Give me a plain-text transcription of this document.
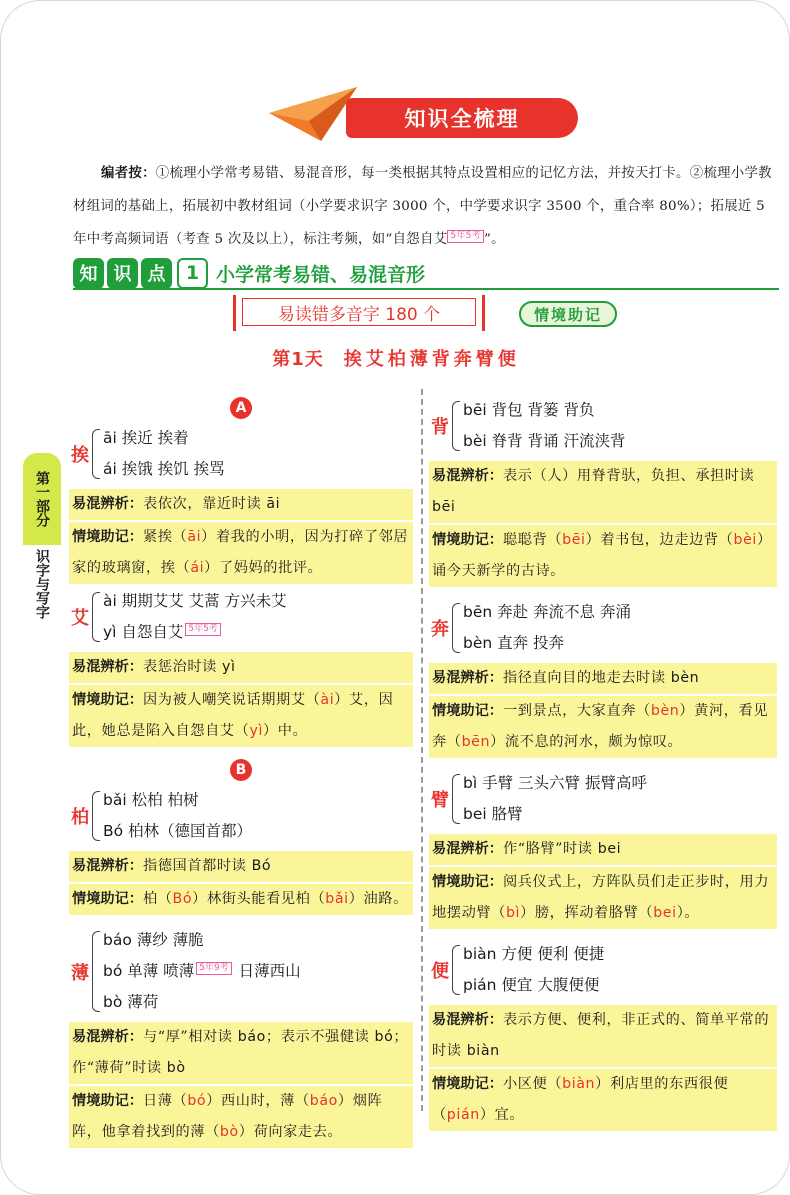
知识全梳理
编者按：①梳理小学常考易错、易混音形，每一类根据其特点设置相应的记忆方法，并按天打卡。②梳理小学教材组词的基础上，拓展初中教材组词（小学要求识字 3000 个，中学要求识字 3500 个，重合率 80%）；拓展近 5 年中考高频词语（考查 5 次及以上），标注考频，如“自怨自艾 5年5考 ”。
知 识 点	1 小学常考易错、易混音形
易读错多音字 180 个	情境助记
第1天 挨艾柏薄背奔臂便
第一部分
识字与写字
A
挨
āi 挨近 挨着
ái 挨饿 挨饥 挨骂
易混辨析：表依次，靠近时读 āi
情境助记：紧挨（āi）着我的小明，因为打碎了邻居家的玻璃窗，挨（ái）了妈妈的批评。
艾
ài 期期艾艾 艾蒿 方兴未艾
yì 自怨自艾 5年5考
易混辨析：表惩治时读 yì
情境助记：因为被人嘲笑说话期期艾（ài）艾，因此，她总是陷入自怨自艾（yì）中。
B
柏
bǎi 松柏 柏树
Bó 柏林（德国首都）
易混辨析：指德国首都时读 Bó
情境助记：柏（Bó）林街头能看见柏（bǎi）油路。
薄
báo 薄纱 薄脆
bó 单薄 喷薄 5年9考 日薄西山
bò 薄荷
易混辨析：与“厚”相对读 báo；表示不强健读 bó；作“薄荷”时读 bò
情境助记：日薄（bó）西山时，薄（báo）烟阵阵，他拿着找到的薄（bò）荷向家走去。
背
bēi 背包 背篓 背负
bèi 脊背 背诵 汗流浃背
易混辨析：表示（人）用脊背驮，负担、承担时读 bēi
情境助记：聪聪背（bēi）着书包，边走边背（bèi）诵今天新学的古诗。
奔
bēn 奔赴 奔流不息 奔涌
bèn 直奔 投奔
易混辨析：指径直向目的地走去时读 bèn
情境助记：一到景点，大家直奔（bèn）黄河，看见奔（bēn）流不息的河水，颇为惊叹。
臂
bì 手臂 三头六臂 振臂高呼
bei 胳臂
易混辨析：作“胳臂”时读 bei
情境助记：阅兵仪式上，方阵队员们走正步时，用力地摆动臂（bì）膀，挥动着胳臂（bei）。
便
biàn 方便 便利 便捷
pián 便宜 大腹便便
易混辨析：表示方便、便利，非正式的、简单平常的时读 biàn
情境助记：小区便（biàn）利店里的东西很便（pián）宜。
